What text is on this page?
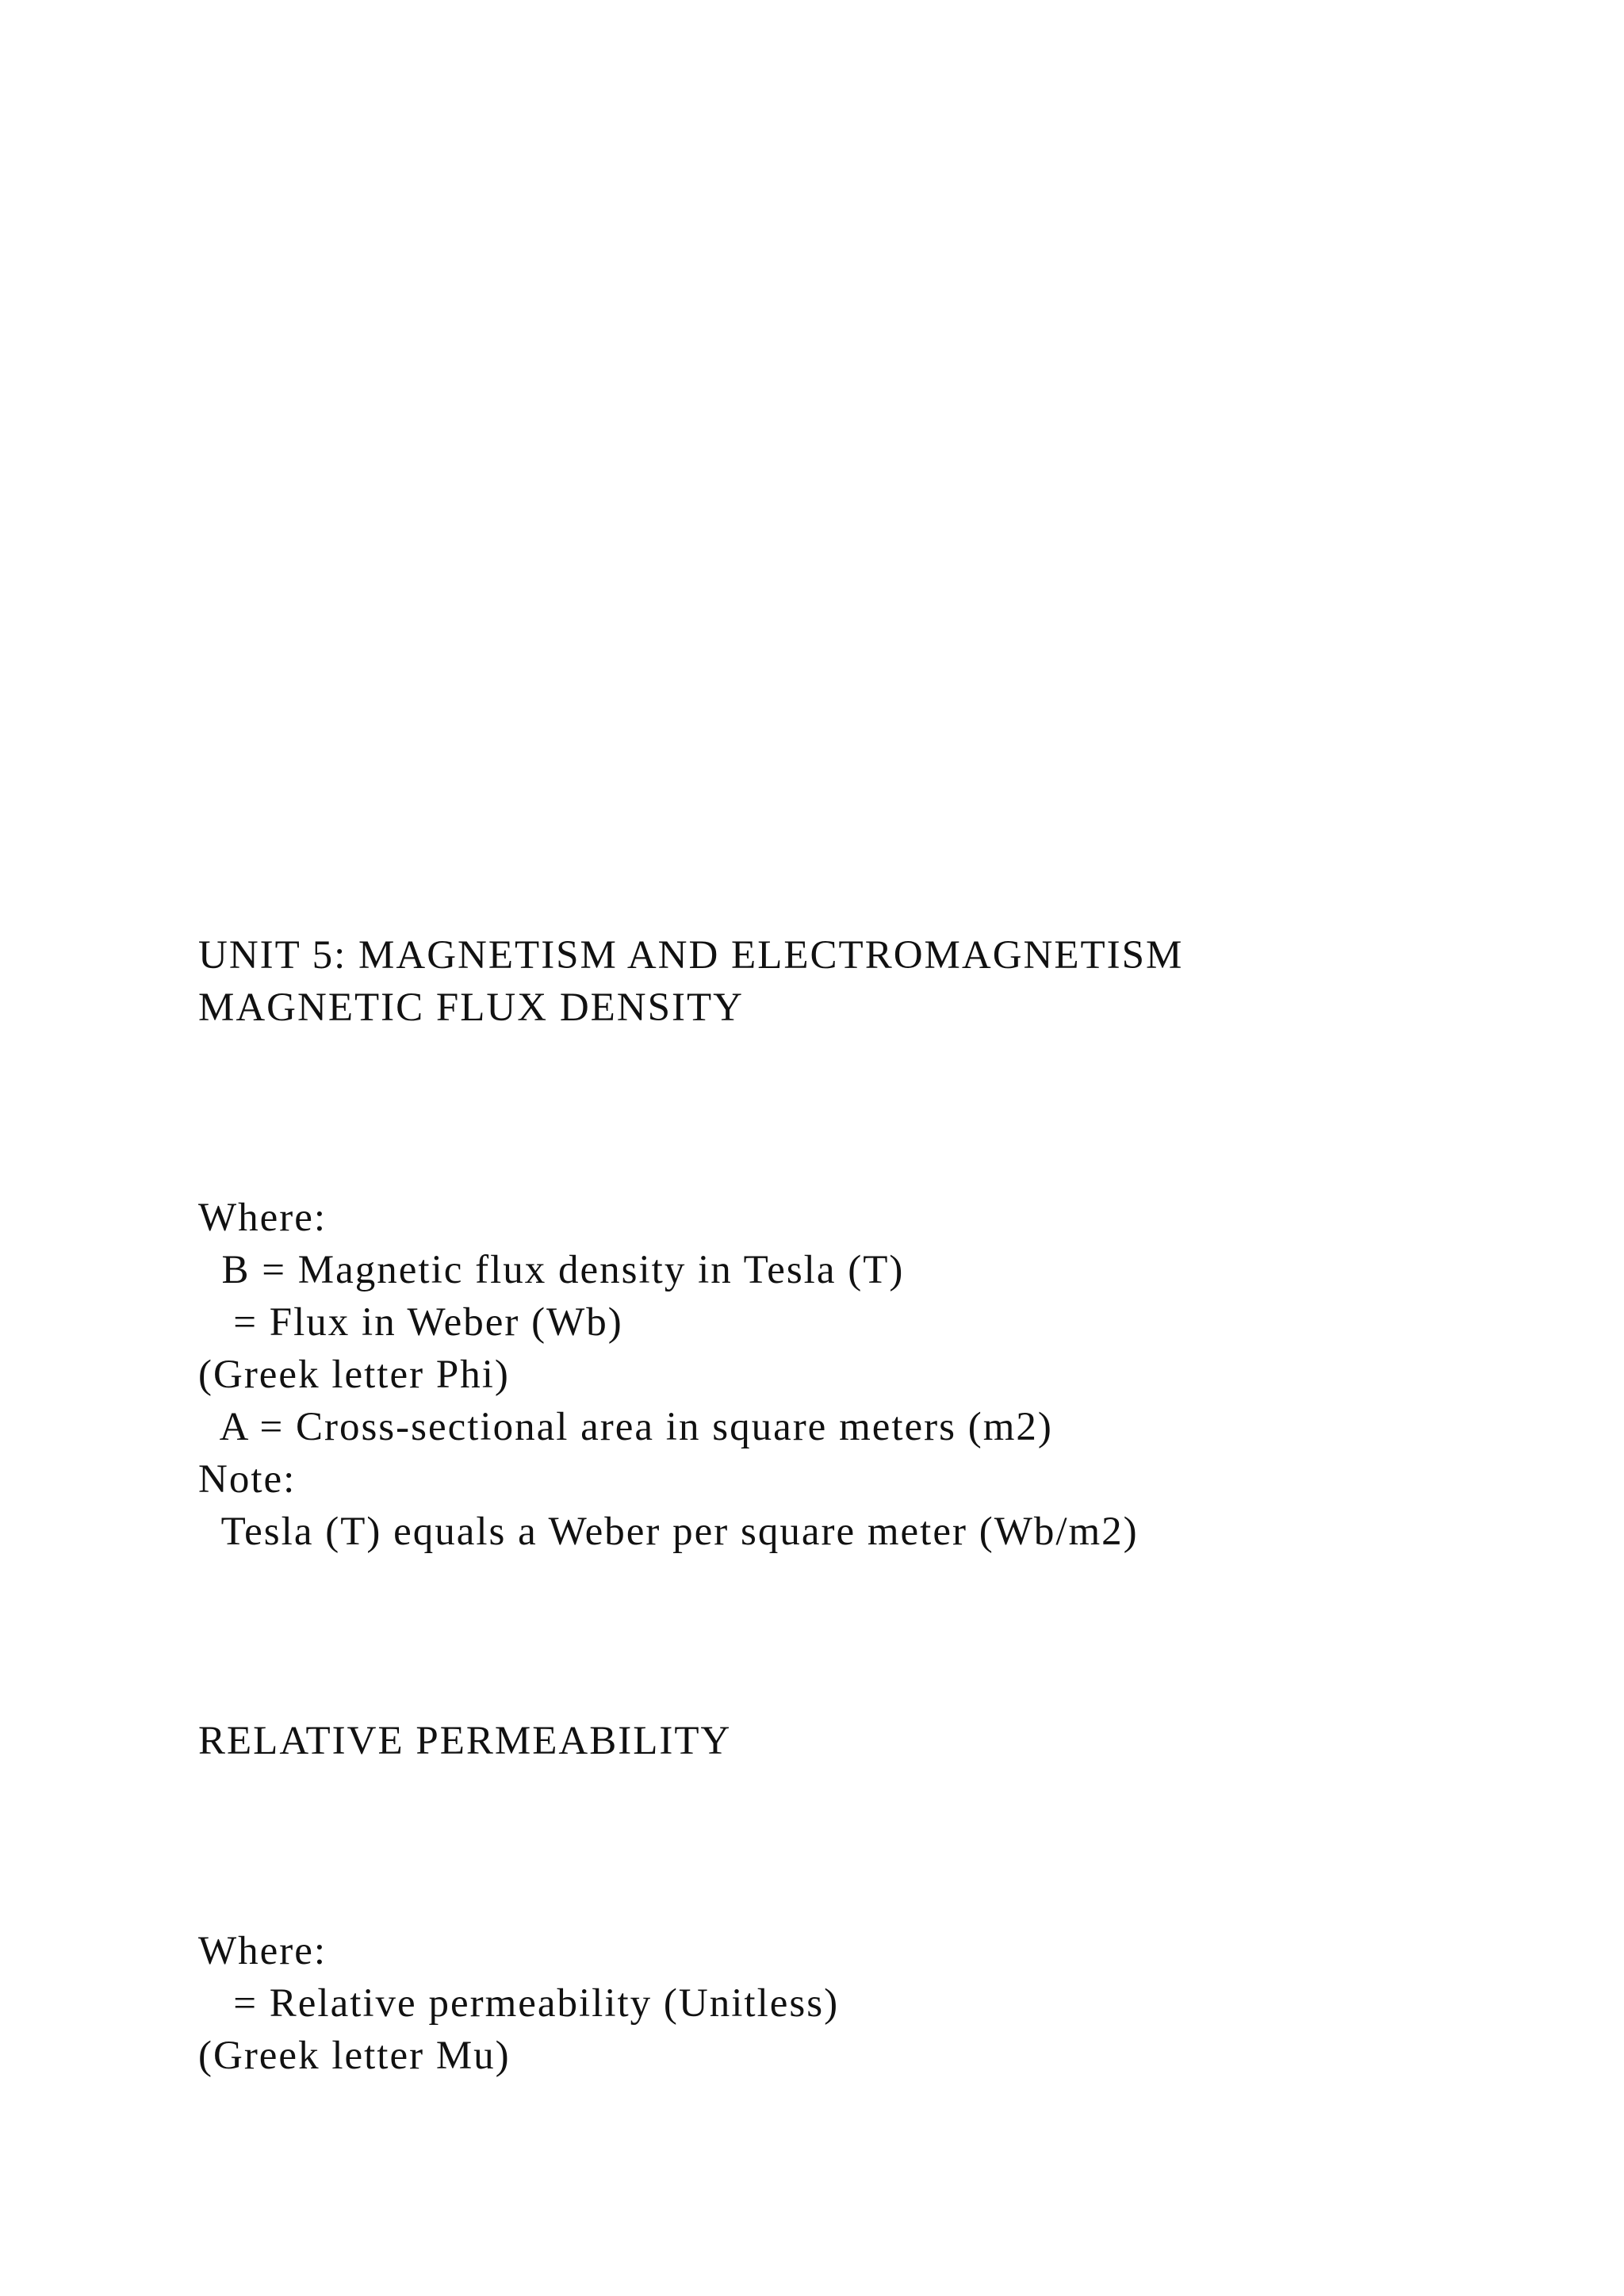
UNIT 5: MAGNETISM AND ELECTROMAGNETISM
MAGNETIC FLUX DENSITY
Where:
B = Magnetic flux density in Tesla (T)
= Flux in Weber (Wb)
(Greek letter Phi)
A = Cross-sectional area in square meters (m2)
Note:
Tesla (T) equals a Weber per square meter (Wb/m2)
RELATIVE PERMEABILITY
Where:
= Relative permeability (Unitless)
(Greek letter Mu)
